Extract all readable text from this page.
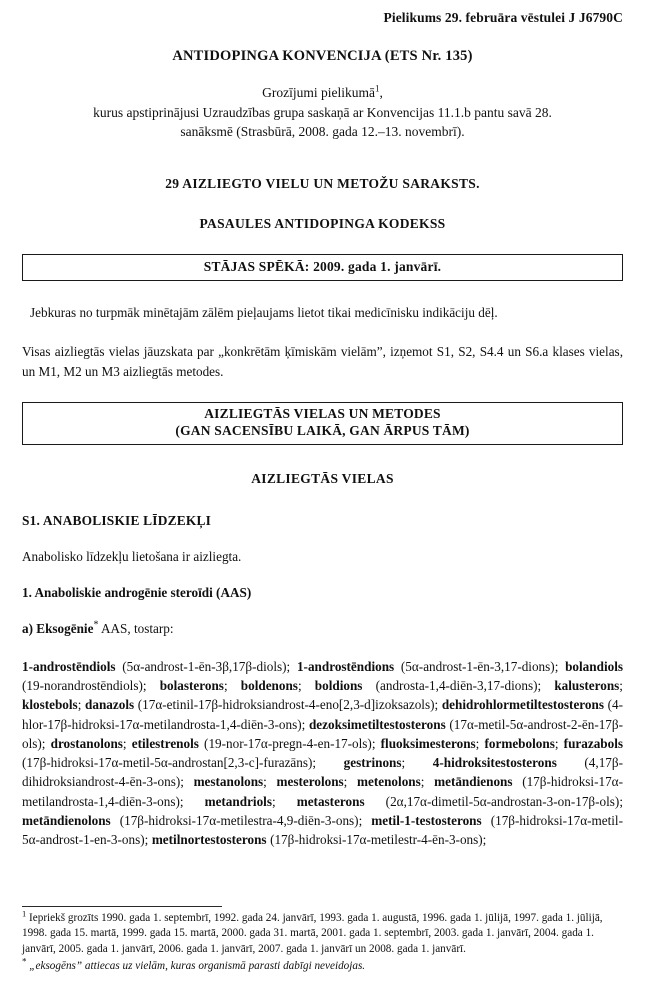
Pielikums 29. februāra vēstulei J J6790C
ANTIDOPINGA KONVENCIJA (ETS Nr. 135)
Grozījumi pielikumā$^1$,
kurus apstiprinājusi Uzraudzības grupa saskaņā ar Konvencijas 11.1.b pantu savā 28.
sanāksmē (Strasbūrā, 2008. gada 12.–13. novembrī).
29 AIZLIEGTO VIELU UN METOŽU SARAKSTS.
PASAULES ANTIDOPINGA KODEKSS
STĀJAS SPĒKĀ: 2009. gada 1. janvārī.

Jebkuras no turpmāk minētajām zālēm pieļaujams lietot tikai medicīnisku indikāciju dēļ.

Visas aizliegtās vielas jāuzskata par „konkrētām ķīmiskām vielām”, izņemot S1, S2, S4.4 un S6.a klases vielas, un M1, M2 un M3 aizliegtās metodes.

AIZLIEGTĀS VIELAS UN METODES
(GAN SACENSĪBU LAIKĀ, GAN ĀRPUS TĀM)
AIZLIEGTĀS VIELAS
S1. ANABOLISKIE LĪDZEKĻI

Anabolisko līdzekļu lietošana ir aizliegta.

1. Anaboliskie androgēnie steroīdi (AAS)

a) Eksogēnie* AAS, tostarp:

1-androstēndiols (5α-androst-1-ēn-3β,17β-diols); 1-androstēndions (5α-androst-1-ēn-3,17-dions); bolandiols (19-norandrostēndiols); bolasterons; boldenons; boldions (androsta-1,4-diēn-3,17-dions); kalusterons; klostebols; danazols (17α-etinil-17β-hidroksiandrost-4-eno[2,3-d]izoksazols); dehidrohlormetiltestosterons (4-hlor-17β-hidroksi-17α-metilandrosta-1,4-diēn-3-ons); dezoksimetiltestosterons (17α-metil-5α-androst-2-ēn-17β-ols); drostanolons; etilestrenols (19-nor-17α-pregn-4-en-17-ols); fluoksimesterons; formebolons; furazabols (17β-hidroksi-17α-metil-5α-androstan[2,3-c]-furazāns); gestrinons; 4-hidroksitestosterons (4,17β-dihidroksiandrost-4-ēn-3-ons); mestanolons; mesterolons; metenolons; metāndienons (17β-hidroksi-17α-metilandrosta-1,4-diēn-3-ons); metandriols; metasterons (2α,17α-dimetil-5α-androstan-3-on-17β-ols); metāndienolons (17β-hidroksi-17α-metilestra-4,9-diēn-3-ons); metil-1-testosterons (17β-hidroksi-17α-metil-5α-androst-1-en-3-ons); metilnortestosterons (17β-hidroksi-17α-metilestr-4-ēn-3-ons);

$^1$ Iepriekš grozīts 1990. gada 1. septembrī, 1992. gada 24. janvārī, 1993. gada 1. augustā, 1996. gada 1. jūlijā, 1997. gada 1. jūlijā, 1998. gada 15. martā, 1999. gada 15. martā, 2000. gada 31. martā, 2001. gada 1. septembrī, 2003. gada 1. janvārī, 2004. gada 1. janvārī, 2005. gada 1. janvārī, 2006. gada 1. janvārī, 2007. gada 1. janvārī un 2008. gada 1. janvārī.

* „eksogēns” attiecas uz vielām, kuras organismā parasti dabīgi neveidojas.
